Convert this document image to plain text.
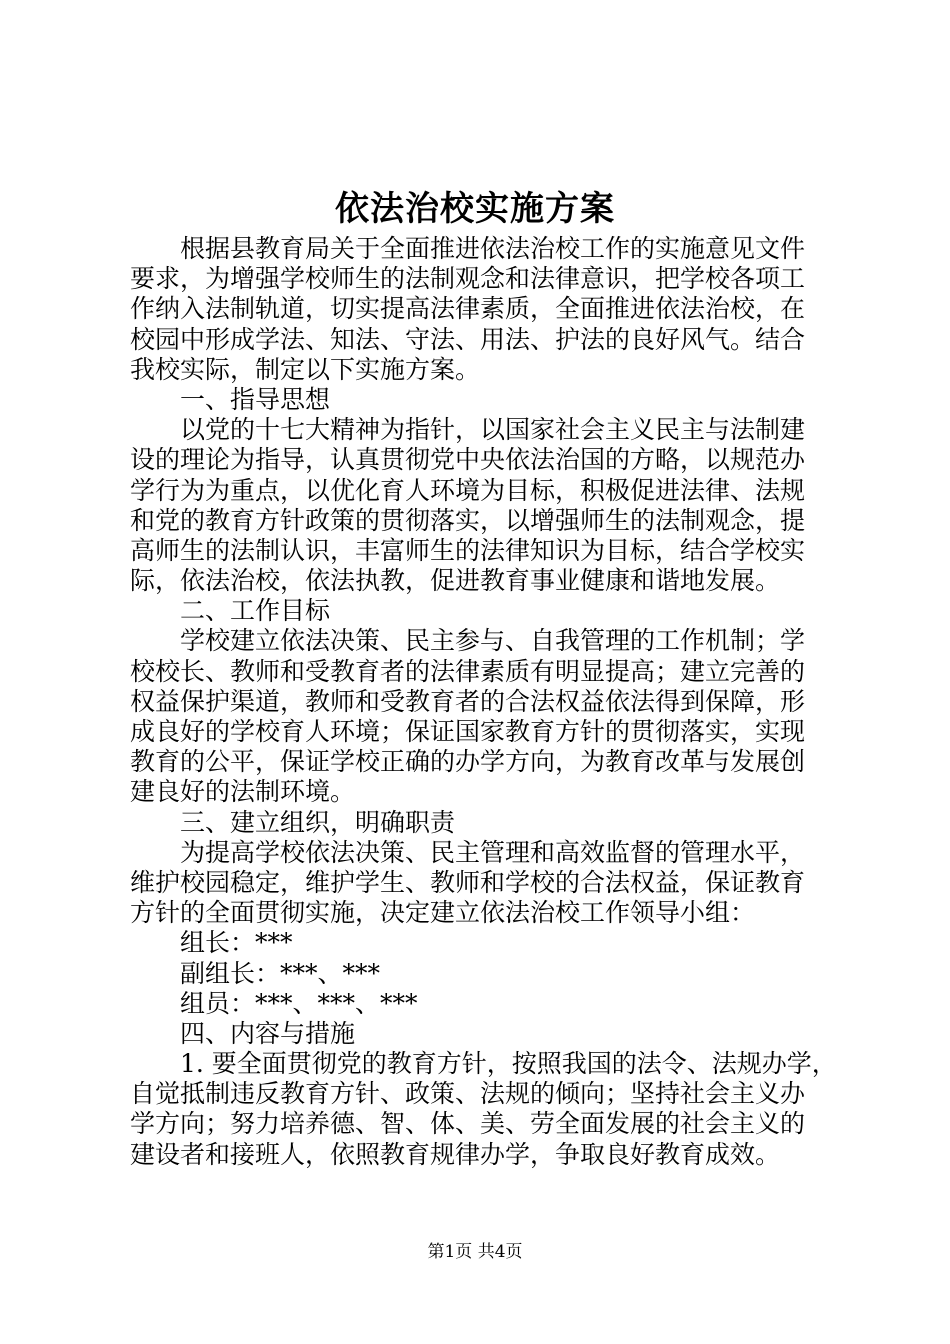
依法治校实施方案
根据县教育局关于全面推进依法治校工作的实施意见文件
要求，为增强学校师生的法制观念和法律意识，把学校各项工
作纳入法制轨道，切实提高法律素质，全面推进依法治校，在
校园中形成学法、知法、守法、用法、护法的良好风气。结合
我校实际，制定以下实施方案。
一、指导思想
以党的十七大精神为指针，以国家社会主义民主与法制建
设的理论为指导，认真贯彻党中央依法治国的方略，以规范办
学行为为重点，以优化育人环境为目标，积极促进法律、法规
和党的教育方针政策的贯彻落实，以增强师生的法制观念，提
高师生的法制认识，丰富师生的法律知识为目标，结合学校实
际，依法治校，依法执教，促进教育事业健康和谐地发展。
二、工作目标
学校建立依法决策、民主参与、自我管理的工作机制；学
校校长、教师和受教育者的法律素质有明显提高；建立完善的
权益保护渠道，教师和受教育者的合法权益依法得到保障，形
成良好的学校育人环境；保证国家教育方针的贯彻落实，实现
教育的公平，保证学校正确的办学方向，为教育改革与发展创
建良好的法制环境。
三、建立组织，明确职责
为提高学校依法决策、民主管理和高效监督的管理水平，
维护校园稳定，维护学生、教师和学校的合法权益，保证教育
方针的全面贯彻实施，决定建立依法治校工作领导小组：
组长：***
副组长：***、***
组员：***、***、***
四、内容与措施
1. 要全面贯彻党的教育方针，按照我国的法令、法规办学，
自觉抵制违反教育方针、政策、法规的倾向；坚持社会主义办
学方向；努力培养德、智、体、美、劳全面发展的社会主义的
建设者和接班人，依照教育规律办学，争取良好教育成效。
第1页 共4页
